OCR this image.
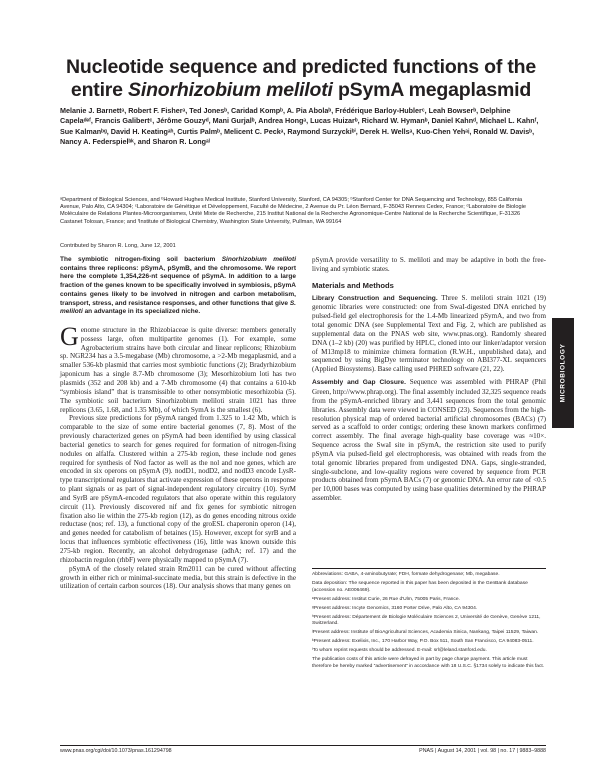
Nucleotide sequence and predicted functions of the
entire Sinorhizobium meliloti pSymA megaplasmid
Melanie J. Barnettᵃ, Robert F. Fisherᵃ, Ted Jonesᵇ, Caridad Kompᵇ, A. Pia Abolaᵇ, Frédérique Barloy-Hublerᶜ, Leah Bowserᵇ, Delphine Capelaᵈᵉᶠ, Francis Galibertᶜ, Jérôme Gouzyᵈ, Mani Gurjalᵇ, Andrea Hongᵃ, Lucas Huizarᵇ, Richard W. Hymanᵇ, Daniel Kahnᵈ, Michael L. Kahnᶠ, Sue Kalmanᵇᵍ, David H. Keatingᵃʰ, Curtis Palmᵇ, Melicent C. Peckᵃ, Raymond Surzyckiᵇⁱ, Derek H. Wellsᵃ, Kuo-Chen Yehᵃʲ, Ronald W. Davisᵇ, Nancy A. Federspielᵇᵏ, and Sharon R. Longᵃˡ
ᵃDepartment of Biological Sciences, and ᵇHoward Hughes Medical Institute, Stanford University, Stanford, CA 94305; ᵇStanford Center for DNA Sequencing and Technology, 855 California Avenue, Palo Alto, CA 94304; ᶜLaboratoire de Génétique et Développement, Faculté de Médecine, 2 Avenue du Pr. Léon Bernard, F-35043 Rennes Cedex, France; ᵈLaboratoire de Biologie Moléculaire de Relations Plantes-Microorganismes, Unité Mixte de Recherche, 215 Institut National de la Recherche Agronomique-Centre National de la Recherche Scientifique, F-31326 Castanet Tolosan, France; and ᶠInstitute of Biological Chemistry, Washington State University, Pullman, WA 99164
Contributed by Sharon R. Long, June 12, 2001

The symbiotic nitrogen-fixing soil bacterium Sinorhizobium meliloti contains three replicons: pSymA, pSymB, and the chromosome. We report here the complete 1,354,226-nt sequence of pSymA. In addition to a large fraction of the genes known to be specifically involved in symbiosis, pSymA contains genes likely to be involved in nitrogen and carbon metabolism, transport, stress, and resistance responses, and other functions that give S. meliloti an advantage in its specialized niche.

Genome structure in the Rhizobiaceae is quite diverse: members generally possess large, often multipartite genomes (1). For example, some Agrobacterium strains have both circular and linear replicons; Rhizobium sp. NGR234 has a 3.5-megabase (Mb) chromosome, a >2-Mb megaplasmid, and a smaller 536-kb plasmid that carries most symbiotic functions (2); Bradyrhizobium japonicum has a single 8.7-Mb chromosome (3); Mesorhizobium loti has two plasmids (352 and 208 kb) and a 7-Mb chromosome (4) that contains a 610-kb “symbiosis island” that is transmissible to other nonsymbiotic mesorhizobia (5). The symbiotic soil bacterium Sinorhizobium meliloti strain 1021 has three replicons (3.65, 1.68, and 1.35 Mb), of which SymA is the smallest (6).

Previous size predictions for pSymA ranged from 1.325 to 1.42 Mb, which is comparable to the size of some entire bacterial genomes (7, 8). Most of the previously characterized genes on pSymA had been identified by using classical bacterial genetics to search for genes required for formation of nitrogen-fixing nodules on alfalfa. Clustered within a 275-kb region, these include nod genes required for synthesis of Nod factor as well as the nol and noe genes, which are encoded in six operons on pSymA (9). nodD1, nodD2, and nodD3 encode LysR-type transcriptional regulators that activate expression of these operons in response to plant signals or as part of signal-independent regulatory circuitry (10). SyrM and SyrB are pSymA-encoded regulators that also operate within this regulatory circuit (11). Previously discovered nif and fix genes for symbiotic nitrogen fixation also lie within the 275-kb region (12), as do genes encoding nitrous oxide reductase (nos; ref. 13), a functional copy of the groESL chaperonin operon (14), and genes needed for catabolism of betaines (15). However, except for syrB and a locus that influences symbiotic effectiveness (16), little was known outside this 275-kb region. Recently, an alcohol dehydrogenase (adhA; ref. 17) and the rhizobactin regulon (rhbF) were physically mapped to pSymA (7).

pSymA of the closely related strain Rm2011 can be cured without affecting growth in either rich or minimal-succinate media, but this strain is defective in the utilization of certain carbon sources (18). Our analysis shows that many genes on

pSymA provide versatility to S. meliloti and may be adaptive in both the free-living and symbiotic states.

Materials and Methods

Library Construction and Sequencing. Three S. meliloti strain 1021 (19) genomic libraries were constructed: one from SwaI-digested DNA enriched by pulsed-field gel electrophoresis for the 1.4-Mb linearized pSymA, and two from total genomic DNA (see Supplemental Text and Fig. 2, which are published as supplemental data on the PNAS web site, www.pnas.org). Randomly sheared DNA (1–2 kb) (20) was purified by HPLC, cloned into our linker/adaptor version of M13mp18 to minimize chimera formation (R.W.H., unpublished data), and sequenced by using BigDye terminator technology on ABI377-XL sequencers (Applied Biosystems). Base calling used PHRED software (21, 22).

Assembly and Gap Closure. Sequence was assembled with PHRAP (Phil Green, http://www.phrap.org). The final assembly included 32,325 sequence reads from the pSymA-enriched library and 3,441 sequences from the total genomic libraries. Assembly data were viewed in CONSED (23). Sequences from the high-resolution physical map of ordered bacterial artificial chromosomes (BACs) (7) served as a scaffold to order contigs; ordering these known markers confirmed correct assembly. The final average high-quality base coverage was ≈10×. Sequence across the SwaI site in pSymA, the restriction site used to purify pSymA via pulsed-field gel electrophoresis, was obtained with reads from the total genomic libraries prepared from undigested DNA. Gaps, single-stranded, single-subclone, and low-quality regions were covered by sequence from PCR products obtained from pSymA BACs (7) or genomic DNA. An error rate of <0.5 per 10,000 bases was computed by using base qualities determined by the PHRAP assembler.

Abbreviations: GABA, 4-aminobutyrate; FDH, formate dehydrogenase; Mb, megabase.

Data deposition: The sequence reported in this paper has been deposited in the GenBank database (accession no. AE006469).

ᵉPresent address: Institut Curie, 26 Rue d'Ulm, 75005 Paris, France.

ᵍPresent address: Incyte Genomics, 3160 Porter Drive, Palo Alto, CA 94304.

ʰPresent address: Département de Biologie Moléculaire Sciences 2, Université de Genève, Genève 1211, Switzerland.

ʲPresent address: Institute of BioAgricultural Sciences, Academia Sinica, Nankang, Taipei 11529, Taiwan.

ᵏPresent address: Exelixis, Inc., 170 Harbor Way, P.O. Box 511, South San Francisco, CA 94083-0511.

ˡTo whom reprint requests should be addressed. E-mail: srl@leland.stanford.edu.

The publication costs of this article were defrayed in part by page charge payment. This article must therefore be hereby marked “advertisement” in accordance with 18 U.S.C. §1734 solely to indicate this fact.

MICROBIOLOGY
www.pnas.org/cgi/doi/10.1073/pnas.161294798	PNAS | August 14, 2001 | vol. 98 | no. 17 | 9883–9888
